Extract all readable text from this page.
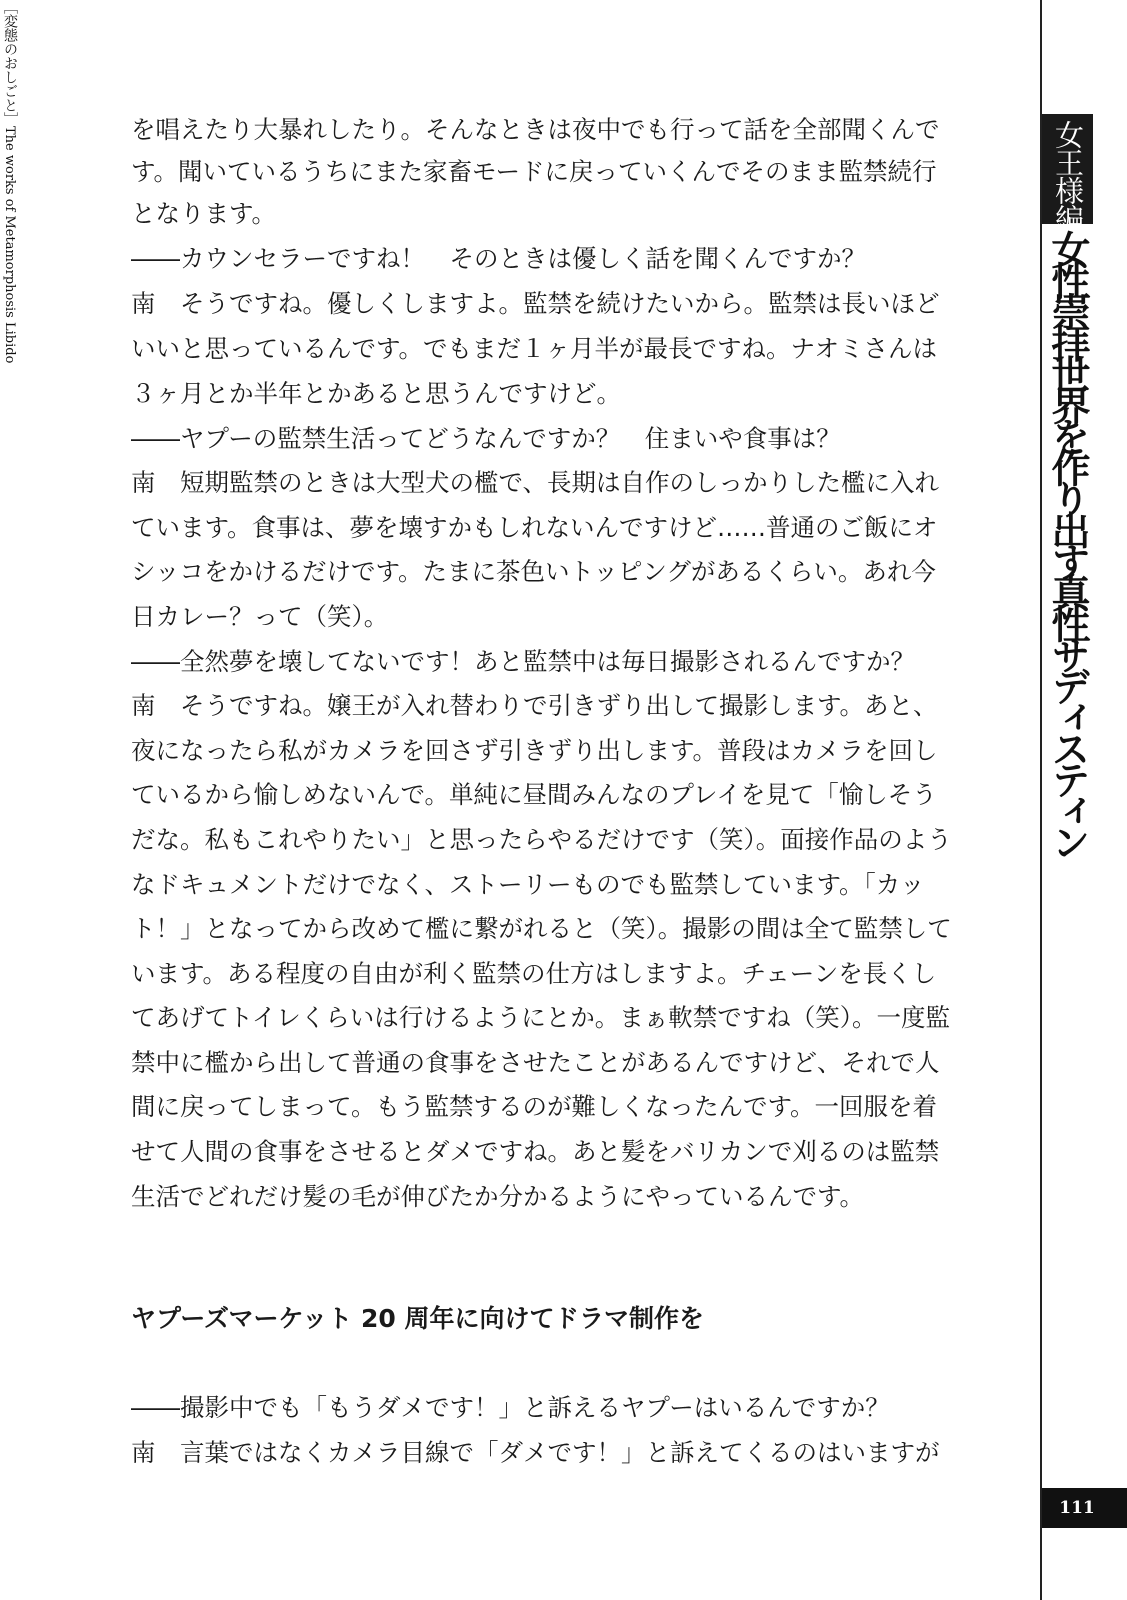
を唱えたり大暴れしたり。そんなときは夜中でも行って話を全部聞くんで
す。聞いているうちにまた家畜モードに戻っていくんでそのまま監禁続行
となります。
――カウンセラーですね！　そのときは優しく話を聞くんですか？
南　そうですね。優しくしますよ。監禁を続けたいから。監禁は長いほど
いいと思っているんです。でもまだ１ヶ月半が最長ですね。ナオミさんは
３ヶ月とか半年とかあると思うんですけど。
――ヤプーの監禁生活ってどうなんですか？　住まいや食事は？
南　短期監禁のときは大型犬の檻で、長期は自作のしっかりした檻に入れ
ています。食事は、夢を壊すかもしれないんですけど……普通のご飯にオ
シッコをかけるだけです。たまに茶色いトッピングがあるくらい。あれ今
日カレー？って（笑）。
――全然夢を壊してないです！あと監禁中は毎日撮影されるんですか？
南　そうですね。嬢王が入れ替わりで引きずり出して撮影します。あと、
夜になったら私がカメラを回さず引きずり出します。普段はカメラを回し
ているから愉しめないんで。単純に昼間みんなのプレイを見て「愉しそう
だな。私もこれやりたい」と思ったらやるだけです（笑）。面接作品のよう
なドキュメントだけでなく、ストーリーものでも監禁しています。「カッ
ト！」となってから改めて檻に繋がれると（笑）。撮影の間は全て監禁して
います。ある程度の自由が利く監禁の仕方はしますよ。チェーンを長くし
てあげてトイレくらいは行けるようにとか。まぁ軟禁ですね（笑）。一度監
禁中に檻から出して普通の食事をさせたことがあるんですけど、それで人
間に戻ってしまって。もう監禁するのが難しくなったんです。一回服を着
せて人間の食事をさせるとダメですね。あと髪をバリカンで刈るのは監禁
生活でどれだけ髪の毛が伸びたか分かるようにやっているんです。
ヤプーズマーケット 20 周年に向けてドラマ制作を
――撮影中でも「もうダメです！」と訴えるヤプーはいるんですか？
南　言葉ではなくカメラ目線で「ダメです！」と訴えてくるのはいますが
女王様編
女性崇拝世界を作り出す真性サディスティン
［変態のおしごと］
The works of Metamorphosis Libido
111
